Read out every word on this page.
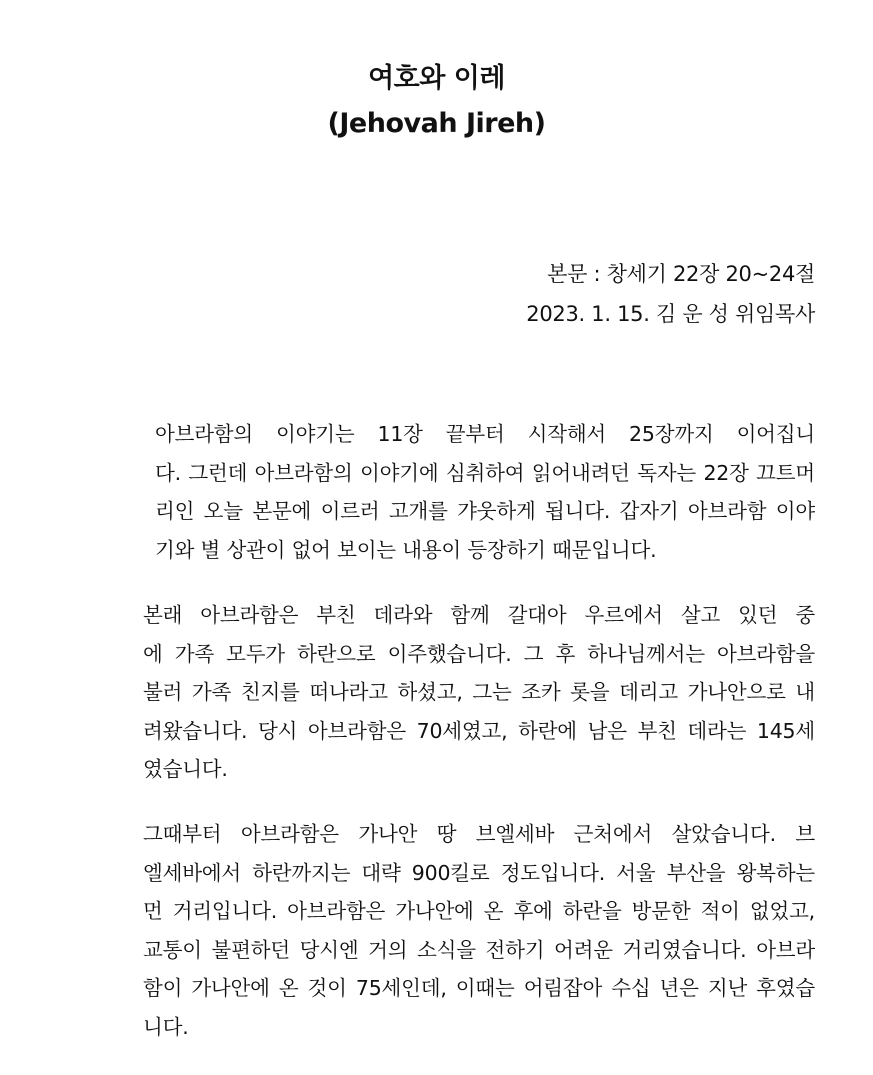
여호와 이레
(Jehovah Jireh)
본문 : 창세기 22장 20~24절
2023. 1. 15. 김 운 성 위임목사
아브라함의 이야기는 11장 끝부터 시작해서 25장까지 이어집니
다. 그런데 아브라함의 이야기에 심취하여 읽어내려던 독자는 22장 끄트머
리인 오늘 본문에 이르러 고개를 갸웃하게 됩니다. 갑자기 아브라함 이야
기와 별 상관이 없어 보이는 내용이 등장하기 때문입니다.
본래 아브라함은 부친 데라와 함께 갈대아 우르에서 살고 있던 중
에 가족 모두가 하란으로 이주했습니다. 그 후 하나님께서는 아브라함을
불러 가족 친지를 떠나라고 하셨고, 그는 조카 롯을 데리고 가나안으로 내
려왔습니다. 당시 아브라함은 70세였고, 하란에 남은 부친 데라는 145세
였습니다.
그때부터 아브라함은 가나안 땅 브엘세바 근처에서 살았습니다. 브
엘세바에서 하란까지는 대략 900킬로 정도입니다. 서울 부산을 왕복하는
먼 거리입니다. 아브라함은 가나안에 온 후에 하란을 방문한 적이 없었고,
교통이 불편하던 당시엔 거의 소식을 전하기 어려운 거리였습니다. 아브라
함이 가나안에 온 것이 75세인데, 이때는 어림잡아 수십 년은 지난 후였습
니다.
